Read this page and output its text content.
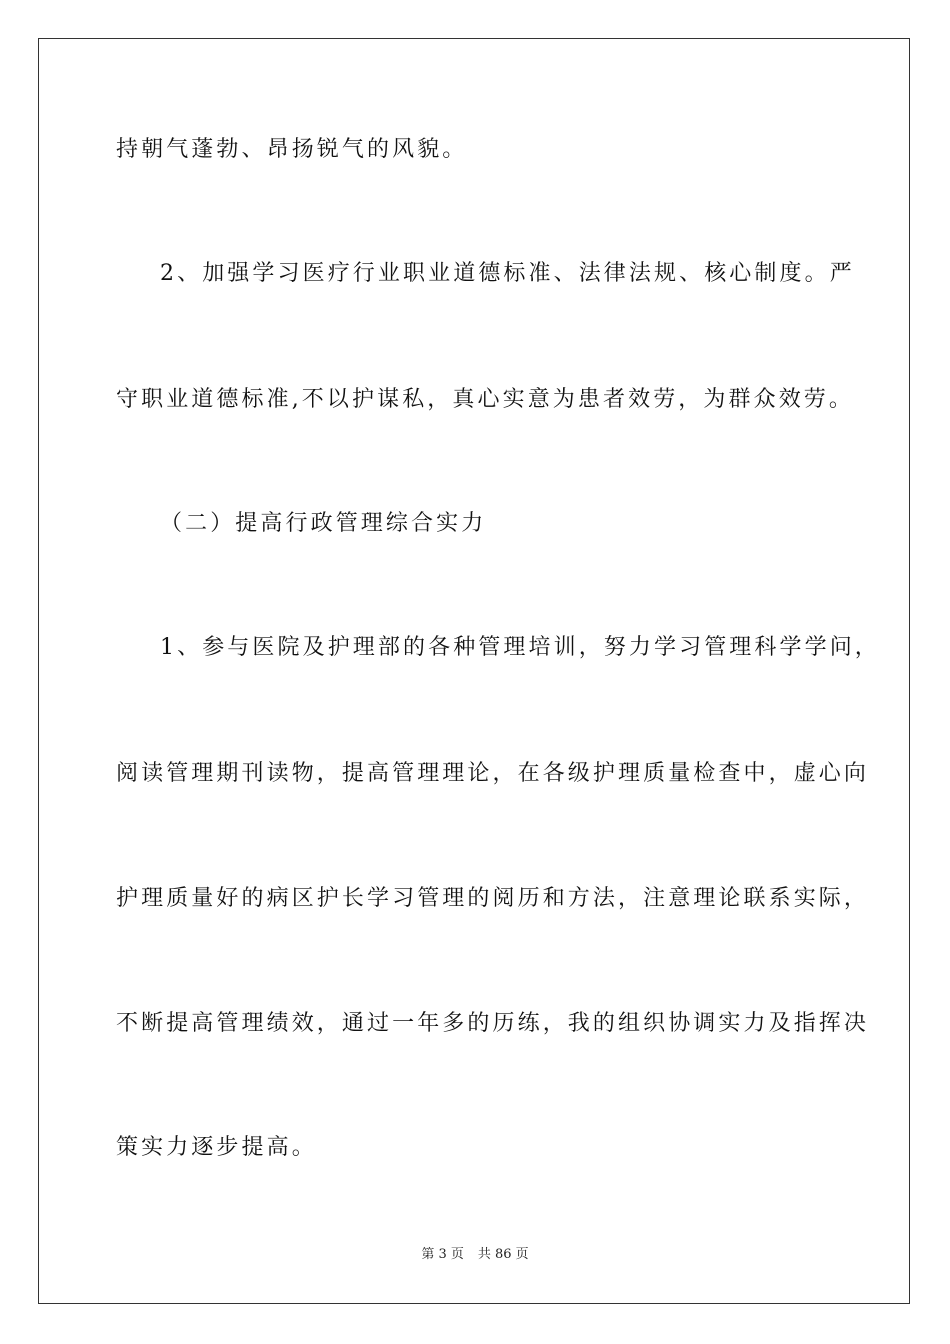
持朝气蓬勃、昂扬锐气的风貌。
2、加强学习医疗行业职业道德标准、法律法规、核心制度。严
守职业道德标准,不以护谋私，真心实意为患者效劳，为群众效劳。
（二）提高行政管理综合实力
1、参与医院及护理部的各种管理培训，努力学习管理科学学问，
阅读管理期刊读物，提高管理理论，在各级护理质量检查中，虚心向
护理质量好的病区护长学习管理的阅历和方法，注意理论联系实际，
不断提高管理绩效，通过一年多的历练，我的组织协调实力及指挥决
策实力逐步提高。
第 3 页 共 86 页
